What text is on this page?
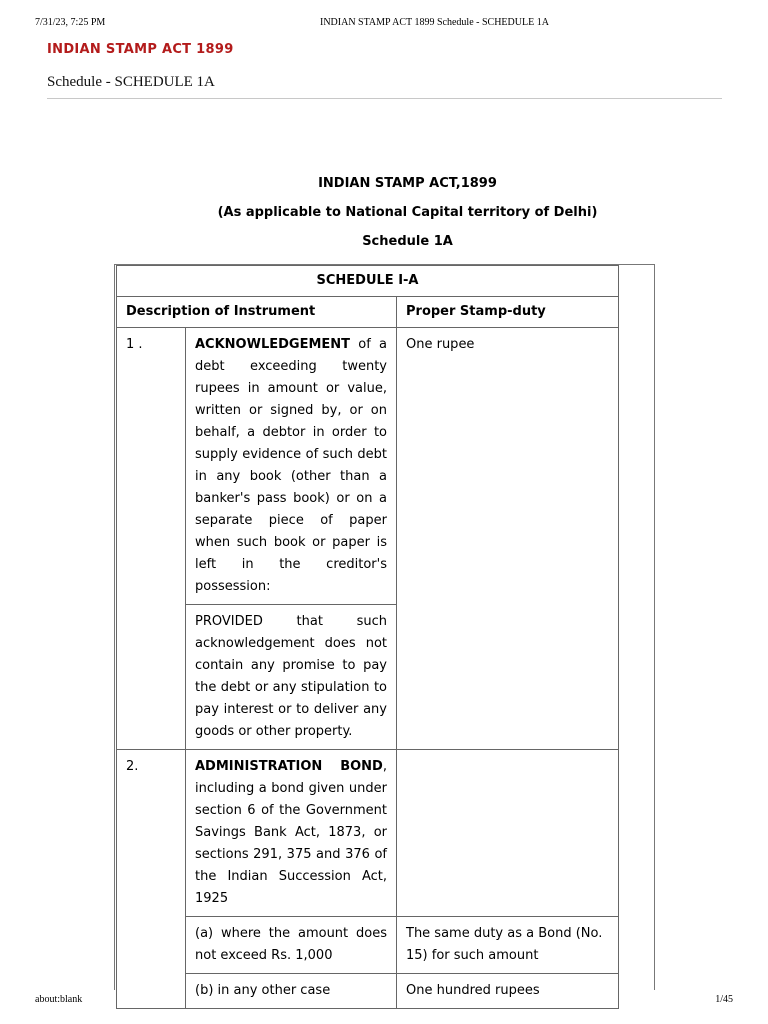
7/31/23, 7:25 PM	INDIAN STAMP ACT 1899 Schedule - SCHEDULE 1A
INDIAN STAMP ACT 1899
Schedule - SCHEDULE 1A
INDIAN STAMP ACT,1899
(As applicable to National Capital territory of Delhi)
Schedule 1A
SCHEDULE I-A		
Description of Instrument		Proper Stamp-duty
1 .	ACKNOWLEDGEMENT of a debt exceeding twenty rupees in amount or value, written or signed by, or on behalf, a debtor in order to supply evidence of such debt in any book (other than a banker's pass book) or on a separate piece of paper when such book or paper is left in the creditor's possession:	One rupee
	PROVIDED that such acknowledgement does not contain any promise to pay the debt or any stipulation to pay interest or to deliver any goods or other property.	
2.	ADMINISTRATION BOND, including a bond given under section 6 of the Government Savings Bank Act, 1873, or sections 291, 375 and 376 of the Indian Succession Act, 1925	
	(a) where the amount does not exceed Rs. 1,000	The same duty as a Bond (No. 15) for such amount
	(b) in any other case	One hundred rupees
about:blank	1/45
